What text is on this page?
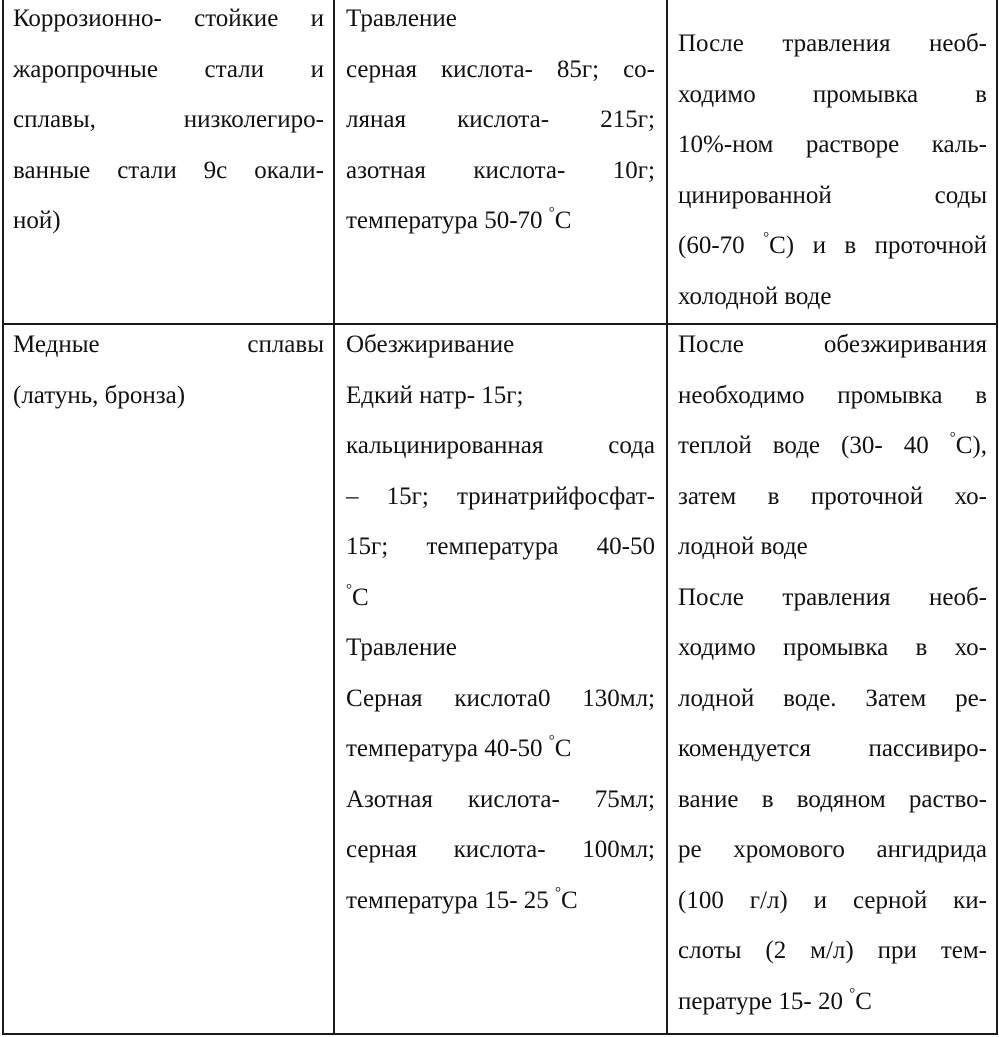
Коррозионно- стойкие и
жаропрочные стали и
сплавы, низколегиро-
ванные стали 9с окали-
ной)
Травление
серная кислота- 85г; со-
ляная кислота- 215г;
азотная кислота- 10г;
температура 50-70 °С
После травления необ-
ходимо промывка в
10%-ном растворе каль-
цинированной соды
(60-70 °С) и в проточной
холодной воде
Медные сплавы
(латунь, бронза)
Обезжиривание
Едкий натр- 15г;
кальцинированная сода
– 15г; тринатрийфосфат-
15г; температура 40-50
°С
Травление
Серная кислота0 130мл;
температура 40-50 °С
Азотная кислота- 75мл;
серная кислота- 100мл;
температура 15- 25 °С
После обезжиривания
необходимо промывка в
теплой воде (30- 40 °С),
затем в проточной хо-
лодной воде
После травления необ-
ходимо промывка в хо-
лодной воде. Затем ре-
комендуется пассивиро-
вание в водяном раство-
ре хромового ангидрида
(100 г/л) и серной ки-
слоты (2 м/л) при тем-
пературе 15- 20 °С
